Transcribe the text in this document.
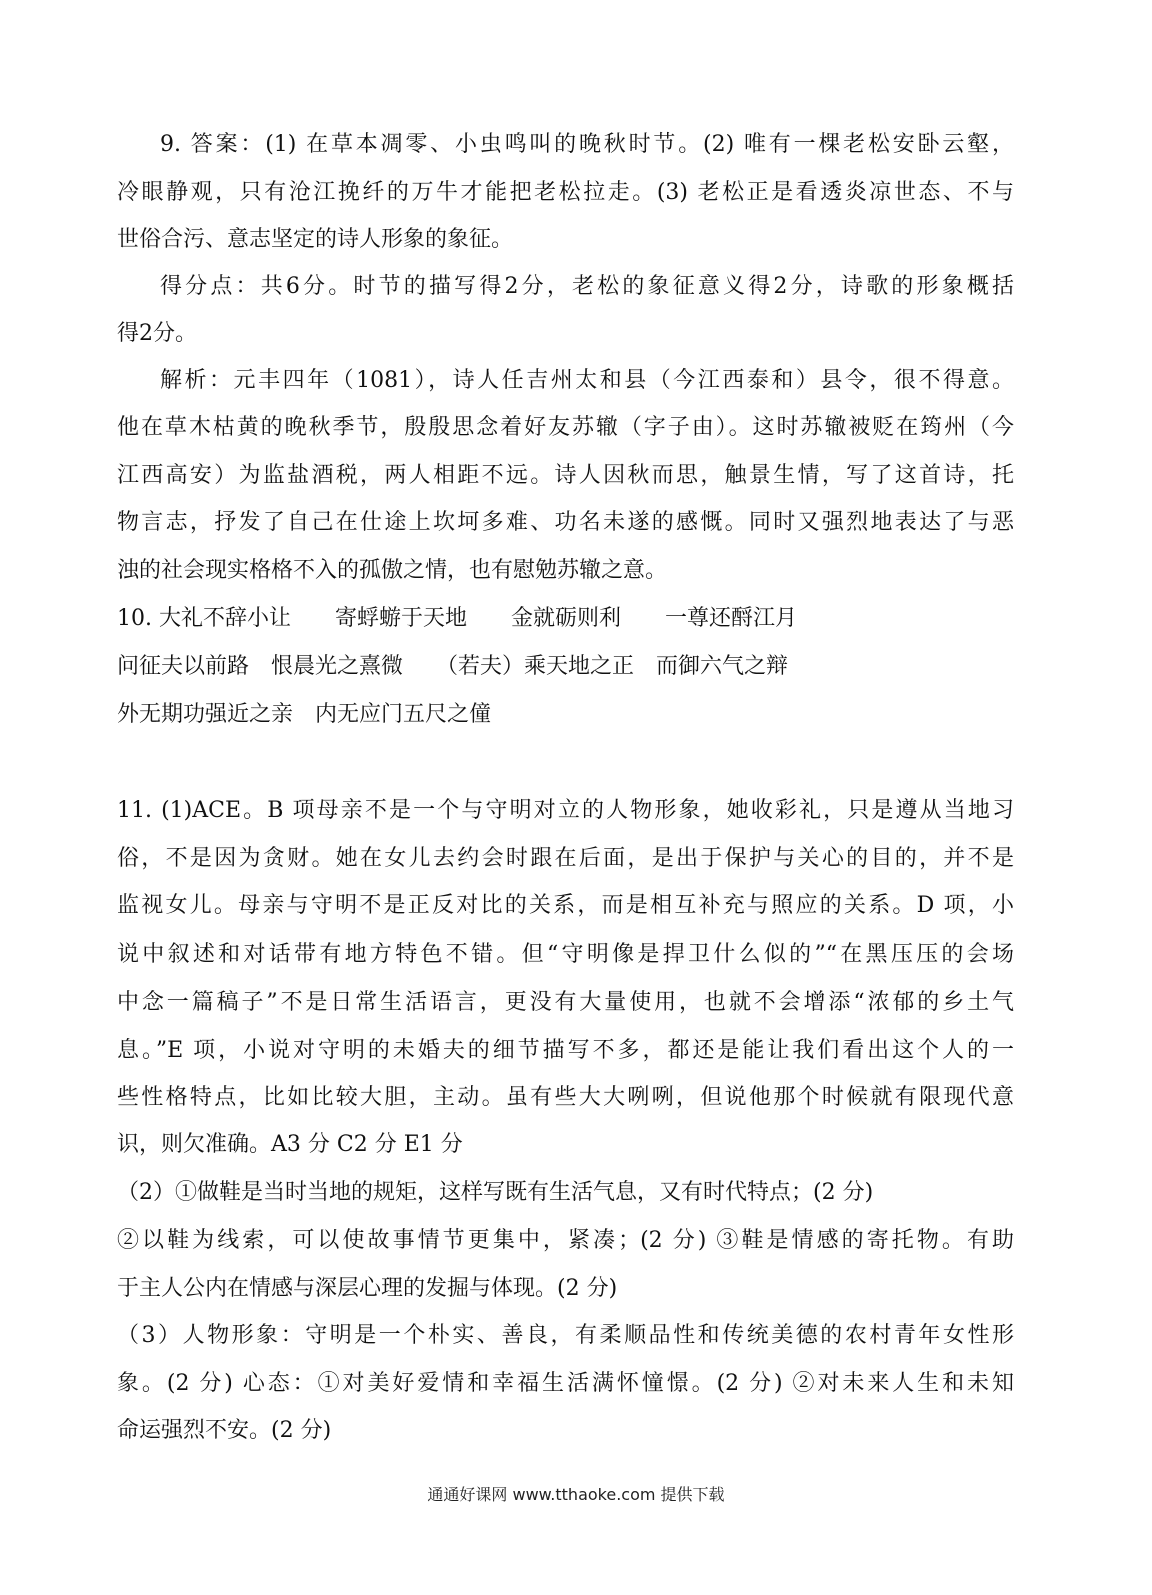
9. 答案：(1) 在草本凋零、小虫鸣叫的晚秋时节。(2) 唯有一棵老松安卧云壑，
冷眼静观，只有沧江挽纤的万牛才能把老松拉走。(3) 老松正是看透炎凉世态、不与
世俗合污、意志坚定的诗人形象的象征。
得分点：共6分。时节的描写得2分，老松的象征意义得2分，诗歌的形象概括
得2分。
解析：元丰四年（1081），诗人任吉州太和县（今江西泰和）县令，很不得意。
他在草木枯黄的晚秋季节，殷殷思念着好友苏辙（字子由）。这时苏辙被贬在筠州（今
江西高安）为监盐酒税，两人相距不远。诗人因秋而思，触景生情，写了这首诗，托
物言志，抒发了自己在仕途上坎坷多难、功名未遂的感慨。同时又强烈地表达了与恶
浊的社会现实格格不入的孤傲之情，也有慰勉苏辙之意。
10. 大礼不辞小让　　寄蜉蝣于天地　　金就砺则利　　一尊还酹江月
问征夫以前路　恨晨光之熹微　　（若夫）乘天地之正　而御六气之辩
外无期功强近之亲　内无应门五尺之僮
11. (1)ACE。B 项母亲不是一个与守明对立的人物形象，她收彩礼，只是遵从当地习
俗，不是因为贪财。她在女儿去约会时跟在后面，是出于保护与关心的目的，并不是
监视女儿。母亲与守明不是正反对比的关系，而是相互补充与照应的关系。D 项，小
说中叙述和对话带有地方特色不错。但“守明像是捍卫什么似的”“在黑压压的会场
中念一篇稿子”不是日常生活语言，更没有大量使用，也就不会增添“浓郁的乡土气
息。”E 项，小说对守明的未婚夫的细节描写不多，都还是能让我们看出这个人的一
些性格特点，比如比较大胆，主动。虽有些大大咧咧，但说他那个时候就有限现代意
识，则欠准确。A3 分 C2 分 E1 分
（2）①做鞋是当时当地的规矩，这样写既有生活气息，又有时代特点；(2 分)
②以鞋为线索，可以使故事情节更集中，紧凑；(2 分) ③鞋是情感的寄托物。有助
于主人公内在情感与深层心理的发掘与体现。(2 分)
（3）人物形象：守明是一个朴实、善良，有柔顺品性和传统美德的农村青年女性形
象。(2 分) 心态：①对美好爱情和幸福生活满怀憧憬。(2 分) ②对未来人生和未知
命运强烈不安。(2 分)
通通好课网 www.tthaoke.com 提供下载
